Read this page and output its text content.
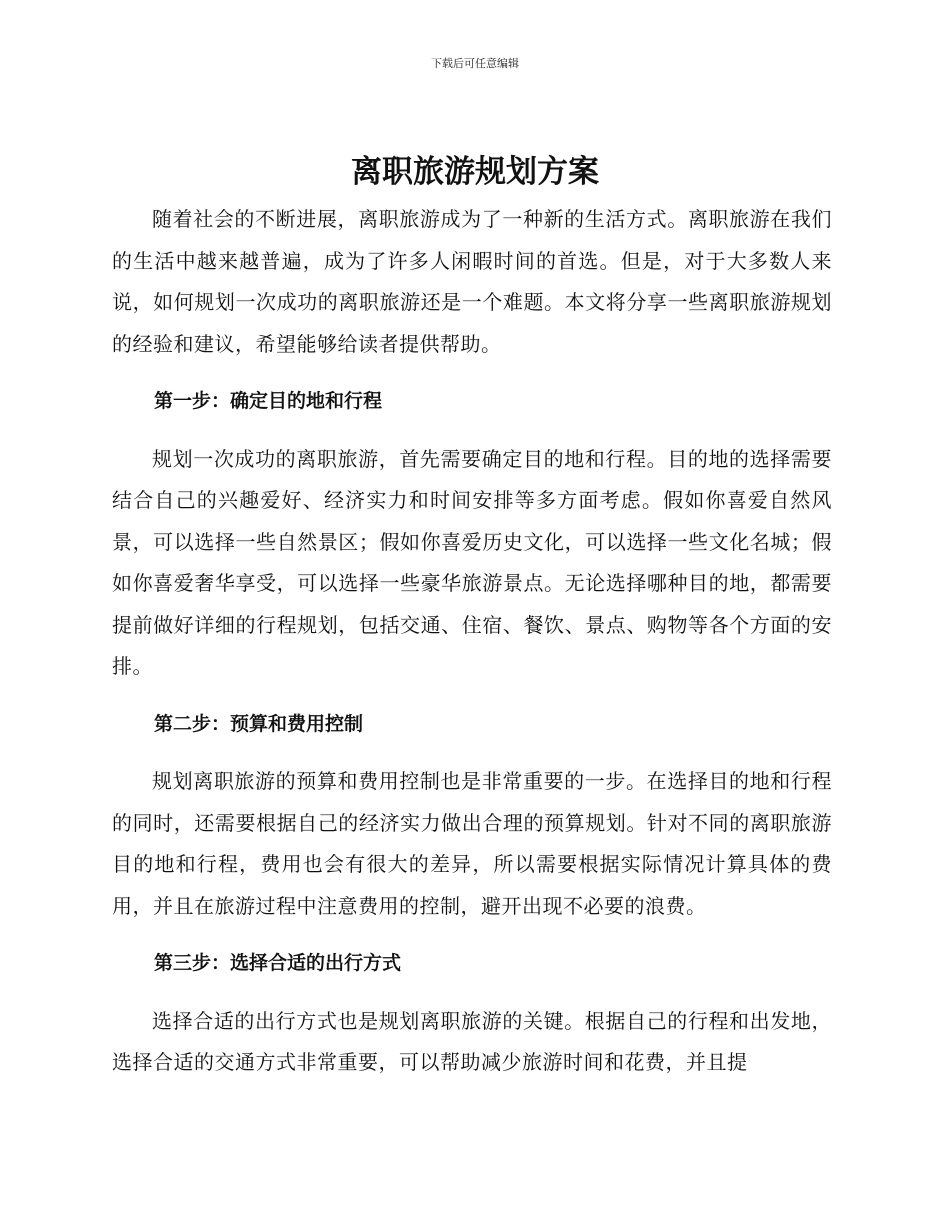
下载后可任意编辑
离职旅游规划方案

随着社会的不断进展，离职旅游成为了一种新的生活方式。离职旅游在我们的生活中越来越普遍，成为了许多人闲暇时间的首选。但是，对于大多数人来说，如何规划一次成功的离职旅游还是一个难题。本文将分享一些离职旅游规划的经验和建议，希望能够给读者提供帮助。

第一步：确定目的地和行程

规划一次成功的离职旅游，首先需要确定目的地和行程。目的地的选择需要结合自己的兴趣爱好、经济实力和时间安排等多方面考虑。假如你喜爱自然风景，可以选择一些自然景区；假如你喜爱历史文化，可以选择一些文化名城；假如你喜爱奢华享受，可以选择一些豪华旅游景点。无论选择哪种目的地，都需要提前做好详细的行程规划，包括交通、住宿、餐饮、景点、购物等各个方面的安排。

第二步：预算和费用控制

规划离职旅游的预算和费用控制也是非常重要的一步。在选择目的地和行程的同时，还需要根据自己的经济实力做出合理的预算规划。针对不同的离职旅游目的地和行程，费用也会有很大的差异，所以需要根据实际情况计算具体的费用，并且在旅游过程中注意费用的控制，避开出现不必要的浪费。

第三步：选择合适的出行方式

选择合适的出行方式也是规划离职旅游的关键。根据自己的行程和出发地，选择合适的交通方式非常重要，可以帮助减少旅游时间和花费，并且提
